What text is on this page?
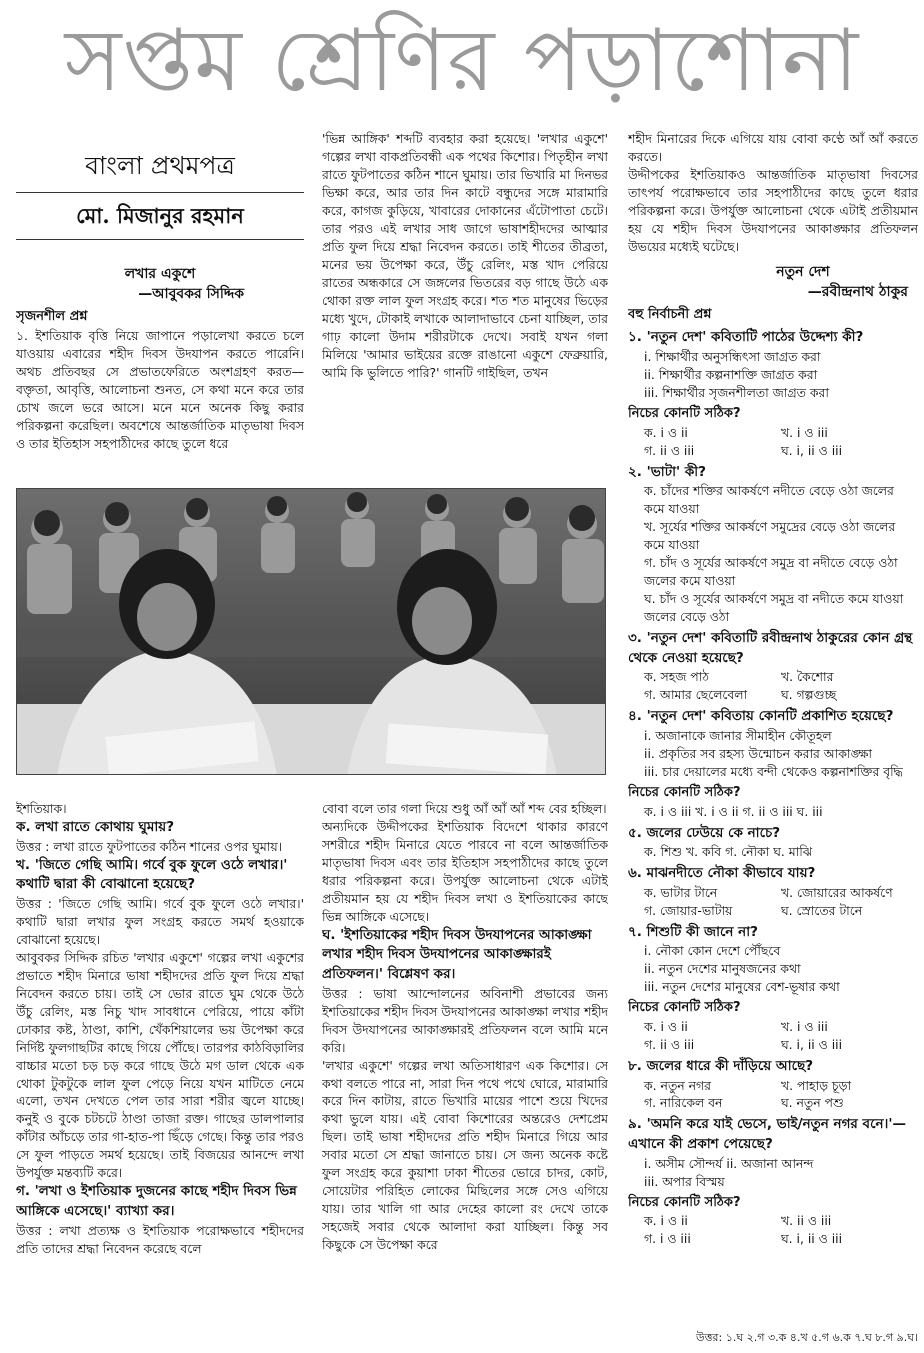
সপ্তম শ্রেণির পড়াশোনা
বাংলা প্রথমপত্র
মো. মিজানুর রহমান
লখার একুশে
—আবুবকর সিদ্দিক
সৃজনশীল প্রশ্ন

১. ইশতিয়াক বৃত্তি নিয়ে জাপানে পড়ালেখা করতে চলে যাওয়ায় এবারের শহীদ দিবস উদযাপন করতে পারেনি। অথচ প্রতিবছর সে প্রভাতফেরিতে অংশগ্রহণ করত— বক্তৃতা, আবৃত্তি, আলোচনা শুনত, সে কথা মনে করে তার চোখ জলে ভরে আসে। মনে মনে অনেক কিছু করার পরিকল্পনা করেছিল। অবশেষে আন্তর্জাতিক মাতৃভাষা দিবস ও তার ইতিহাস সহপাঠীদের কাছে তুলে ধরে

'ভিন্ন আঙ্গিক' শব্দটি ব্যবহার করা হয়েছে। 'লখার একুশে' গল্পের লখা বাকপ্রতিবন্ধী এক পথের কিশোর। পিতৃহীন লখা রাতে ফুটপাতের কঠিন শানে ঘুমায়। তার ভিখারি মা দিনভর ভিক্ষা করে, আর তার দিন কাটে বন্ধুদের সঙ্গে মারামারি করে, কাগজ কুড়িয়ে, খাবারের দোকানের এঁটোপাতা চেটে। তার পরও এই লখার সাধ জাগে ভাষাশহীদদের আত্মার প্রতি ফুল দিয়ে শ্রদ্ধা নিবেদন করতে। তাই শীতের তীব্রতা, মনের ভয় উপেক্ষা করে, উঁচু রেলিং, মস্ত খাদ পেরিয়ে রাতের অন্ধকারে সে জঙ্গলের ভিতরের বড় গাছে উঠে এক থোকা রক্ত লাল ফুল সংগ্রহ করে। শত শত মানুষের ভিড়ের মধ্যে খুদে, টোকাই লখাকে আলাদাভাবে চেনা যাচ্ছিল, তার গাঢ় কালো উদাম শরীরটাকে দেখে। সবাই যখন গলা মিলিয়ে 'আমার ভাইয়ের রক্তে রাঙানো একুশে ফেব্রুয়ারি, আমি কি ভুলিতে পারি?' গানটি গাইছিল, তখন

শহীদ মিনারের দিকে এগিয়ে যায় বোবা কণ্ঠে আঁ আঁ করতে করতে।

উদ্দীপকের ইশতিয়াকও আন্তর্জাতিক মাতৃভাষা দিবসের তাৎপর্য পরোক্ষভাবে তার সহপাঠীদের কাছে তুলে ধরার পরিকল্পনা করে। উপর্যুক্ত আলোচনা থেকে এটাই প্রতীয়মান হয় যে শহীদ দিবস উদযাপনের আকাঙ্ক্ষার প্রতিফলন উভয়ের মধ্যেই ঘটেছে।

নতুন দেশ
—রবীন্দ্রনাথ ঠাকুর
বহু নির্বাচনী প্রশ্ন
১. 'নতুন দেশ' কবিতাটি পাঠের উদ্দেশ্য কী?
i. শিক্ষার্থীর অনুসন্ধিৎসা জাগ্রত করা
ii. শিক্ষার্থীর কল্পনাশক্তি জাগ্রত করা
iii. শিক্ষার্থীর সৃজনশীলতা জাগ্রত করা
নিচের কোনটি সঠিক?
ক. i ও ii	খ. i ও iii
গ. ii ও iii	ঘ. i, ii ও iii
২. 'ভাটা' কী?
ক. চাঁদের শক্তির আকর্ষণে নদীতে বেড়ে ওঠা জলের কমে যাওয়া
খ. সূর্যের শক্তির আকর্ষণে সমুদ্রের বেড়ে ওঠা জলের কমে যাওয়া
গ. চাঁদ ও সূর্যের আকর্ষণে সমুদ্র বা নদীতে বেড়ে ওঠা জলের কমে যাওয়া
ঘ. চাঁদ ও সূর্যের আকর্ষণে সমুদ্র বা নদীতে কমে যাওয়া জলের বেড়ে ওঠা
৩. 'নতুন দেশ' কবিতাটি রবীন্দ্রনাথ ঠাকুরের কোন গ্রন্থ থেকে নেওয়া হয়েছে?
ক. সহজ পাঠ	খ. কৈশোর
গ. আমার ছেলেবেলা	ঘ. গল্পগুচ্ছ
৪. 'নতুন দেশ' কবিতায় কোনটি প্রকাশিত হয়েছে?
i. অজানাকে জানার সীমাহীন কৌতূহল
ii. প্রকৃতির সব রহস্য উন্মোচন করার আকাঙ্ক্ষা
iii. চার দেয়ালের মধ্যে বন্দী থেকেও কল্পনাশক্তির বৃদ্ধি
নিচের কোনটি সঠিক?
ক. i ও iii খ. i ও ii গ. ii ও iii ঘ. iii
৫. জলের ঢেউয়ে কে নাচে?
ক. শিশু খ. কবি গ. নৌকা ঘ. মাঝি
৬. মাঝনদীতে নৌকা কীভাবে যায়?
ক. ভাটার টানে	খ. জোয়ারের আকর্ষণে
গ. জোয়ার-ভাটায়	ঘ. স্রোতের টানে
৭. শিশুটি কী জানে না?
i. নৌকা কোন দেশে পৌঁছবে
ii. নতুন দেশের মানুষজনের কথা
iii. নতুন দেশের মানুষের বেশ-ভূষার কথা
নিচের কোনটি সঠিক?
ক. i ও ii	খ. i ও iii
গ. ii ও iii	ঘ. i, ii ও iii
৮. জলের ধারে কী দাঁড়িয়ে আছে?
ক. নতুন নগর	খ. পাহাড় চূড়া
গ. নারিকেল বন	ঘ. নতুন পশু
৯. 'অমনি করে যাই ভেসে, ভাই/নতুন নগর বনে।'—এখানে কী প্রকাশ পেয়েছে?
i. অসীম সৌন্দর্য ii. অজানা আনন্দ
iii. অপার বিস্ময়
নিচের কোনটি সঠিক?
ক. i ও ii	খ. ii ও iii
গ. i ও iii	ঘ. i, ii ও iii

ইশতিয়াক।

ক. লখা রাতে কোথায় ঘুমায়?

উত্তর : লখা রাতে ফুটপাতের কঠিন শানের ওপর ঘুমায়।

খ. 'জিতে গেছি আমি। গর্বে বুক ফুলে ওঠে লখার।' কথাটি দ্বারা কী বোঝানো হয়েছে?

উত্তর : 'জিতে গেছি আমি। গর্বে বুক ফুলে ওঠে লখার।' কথাটি দ্বারা লখার ফুল সংগ্রহ করতে সমর্থ হওয়াকে বোঝানো হয়েছে।

আবুবকর সিদ্দিক রচিত 'লখার একুশে' গল্পের লখা একুশের প্রভাতে শহীদ মিনারে ভাষা শহীদদের প্রতি ফুল দিয়ে শ্রদ্ধা নিবেদন করতে চায়। তাই সে ভোর রাতে ঘুম থেকে উঠে উঁচু রেলিং, মস্ত নিচু খাদ সাবধানে পেরিয়ে, পায়ে কাঁটা ঢোকার কষ্ট, ঠাণ্ডা, কাশি, খেঁকশিয়ালের ভয় উপেক্ষা করে নির্দিষ্ট ফুলগাছটির কাছে গিয়ে পৌঁছে। তারপর কাঠবিড়ালির বাচ্চার মতো চড় চড় করে গাছে উঠে মগ ডাল থেকে এক থোকা টুকটুকে লাল ফুল পেড়ে নিয়ে যখন মাটিতে নেমে এলো, তখন দেখতে পেল তার সারা শরীর জ্বলে যাচ্ছে। কনুই ও বুকে চটচটে ঠাণ্ডা তাজা রক্ত। গাছের ডালপালার কাঁটার আঁচড়ে তার গা-হাত-পা ছিঁড়ে গেছে। কিন্তু তার পরও সে ফুল পাড়তে সমর্থ হয়েছে। তাই বিজয়ের আনন্দে লখা উপর্যুক্ত মন্তব্যটি করে।

গ. 'লখা ও ইশতিয়াক দুজনের কাছে শহীদ দিবস ভিন্ন আঙ্গিকে এসেছে।' ব্যাখ্যা কর।

উত্তর : লখা প্রত্যক্ষ ও ইশতিয়াক পরোক্ষভাবে শহীদদের প্রতি তাদের শ্রদ্ধা নিবেদন করেছে বলে

বোবা বলে তার গলা দিয়ে শুধু আঁ আঁ আঁ শব্দ বের হচ্ছিল।

অন্যদিকে উদ্দীপকের ইশতিয়াক বিদেশে থাকার কারণে সশরীরে শহীদ মিনারে যেতে পারবে না বলে আন্তর্জাতিক মাতৃভাষা দিবস এবং তার ইতিহাস সহপাঠীদের কাছে তুলে ধরার পরিকল্পনা করে। উপর্যুক্ত আলোচনা থেকে এটাই প্রতীয়মান হয় যে শহীদ দিবস লখা ও ইশতিয়াকের কাছে ভিন্ন আঙ্গিকে এসেছে।

ঘ. 'ইশতিয়াকের শহীদ দিবস উদযাপনের আকাঙ্ক্ষা লখার শহীদ দিবস উদযাপনের আকাঙ্ক্ষারই প্রতিফলন।' বিশ্লেষণ কর।

উত্তর : ভাষা আন্দোলনের অবিনাশী প্রভাবের জন্য ইশতিয়াকের শহীদ দিবস উদযাপনের আকাঙ্ক্ষা লখার শহীদ দিবস উদযাপনের আকাঙ্ক্ষারই প্রতিফলন বলে আমি মনে করি।

'লখার একুশে' গল্পের লখা অতিসাধারণ এক কিশোর। সে কথা বলতে পারে না, সারা দিন পথে পথে ঘোরে, মারামারি করে দিন কাটায়, রাতে ভিখারি মায়ের পাশে শুয়ে খিদের কথা ভুলে যায়। এই বোবা কিশোরের অন্তরেও দেশপ্রেম ছিল। তাই ভাষা শহীদদের প্রতি শহীদ মিনারে গিয়ে আর সবার মতো সে শ্রদ্ধা জানাতে চায়। সে জন্য অনেক কষ্টে ফুল সংগ্রহ করে কুয়াশা ঢাকা শীতের ভোরে চাদর, কোট, সোয়েটার পরিহিত লোকের মিছিলের সঙ্গে সেও এগিয়ে যায়। তার খালি গা আর দেহের কালো রং দেখে তাকে সহজেই সবার থেকে আলাদা করা যাচ্ছিল। কিন্তু সব কিছুকে সে উপেক্ষা করে

উত্তর: ১.ঘ ২.গ ৩.ক ৪.খ ৫.গ ৬.ক ৭.ঘ ৮.গ ৯.ঘ।
